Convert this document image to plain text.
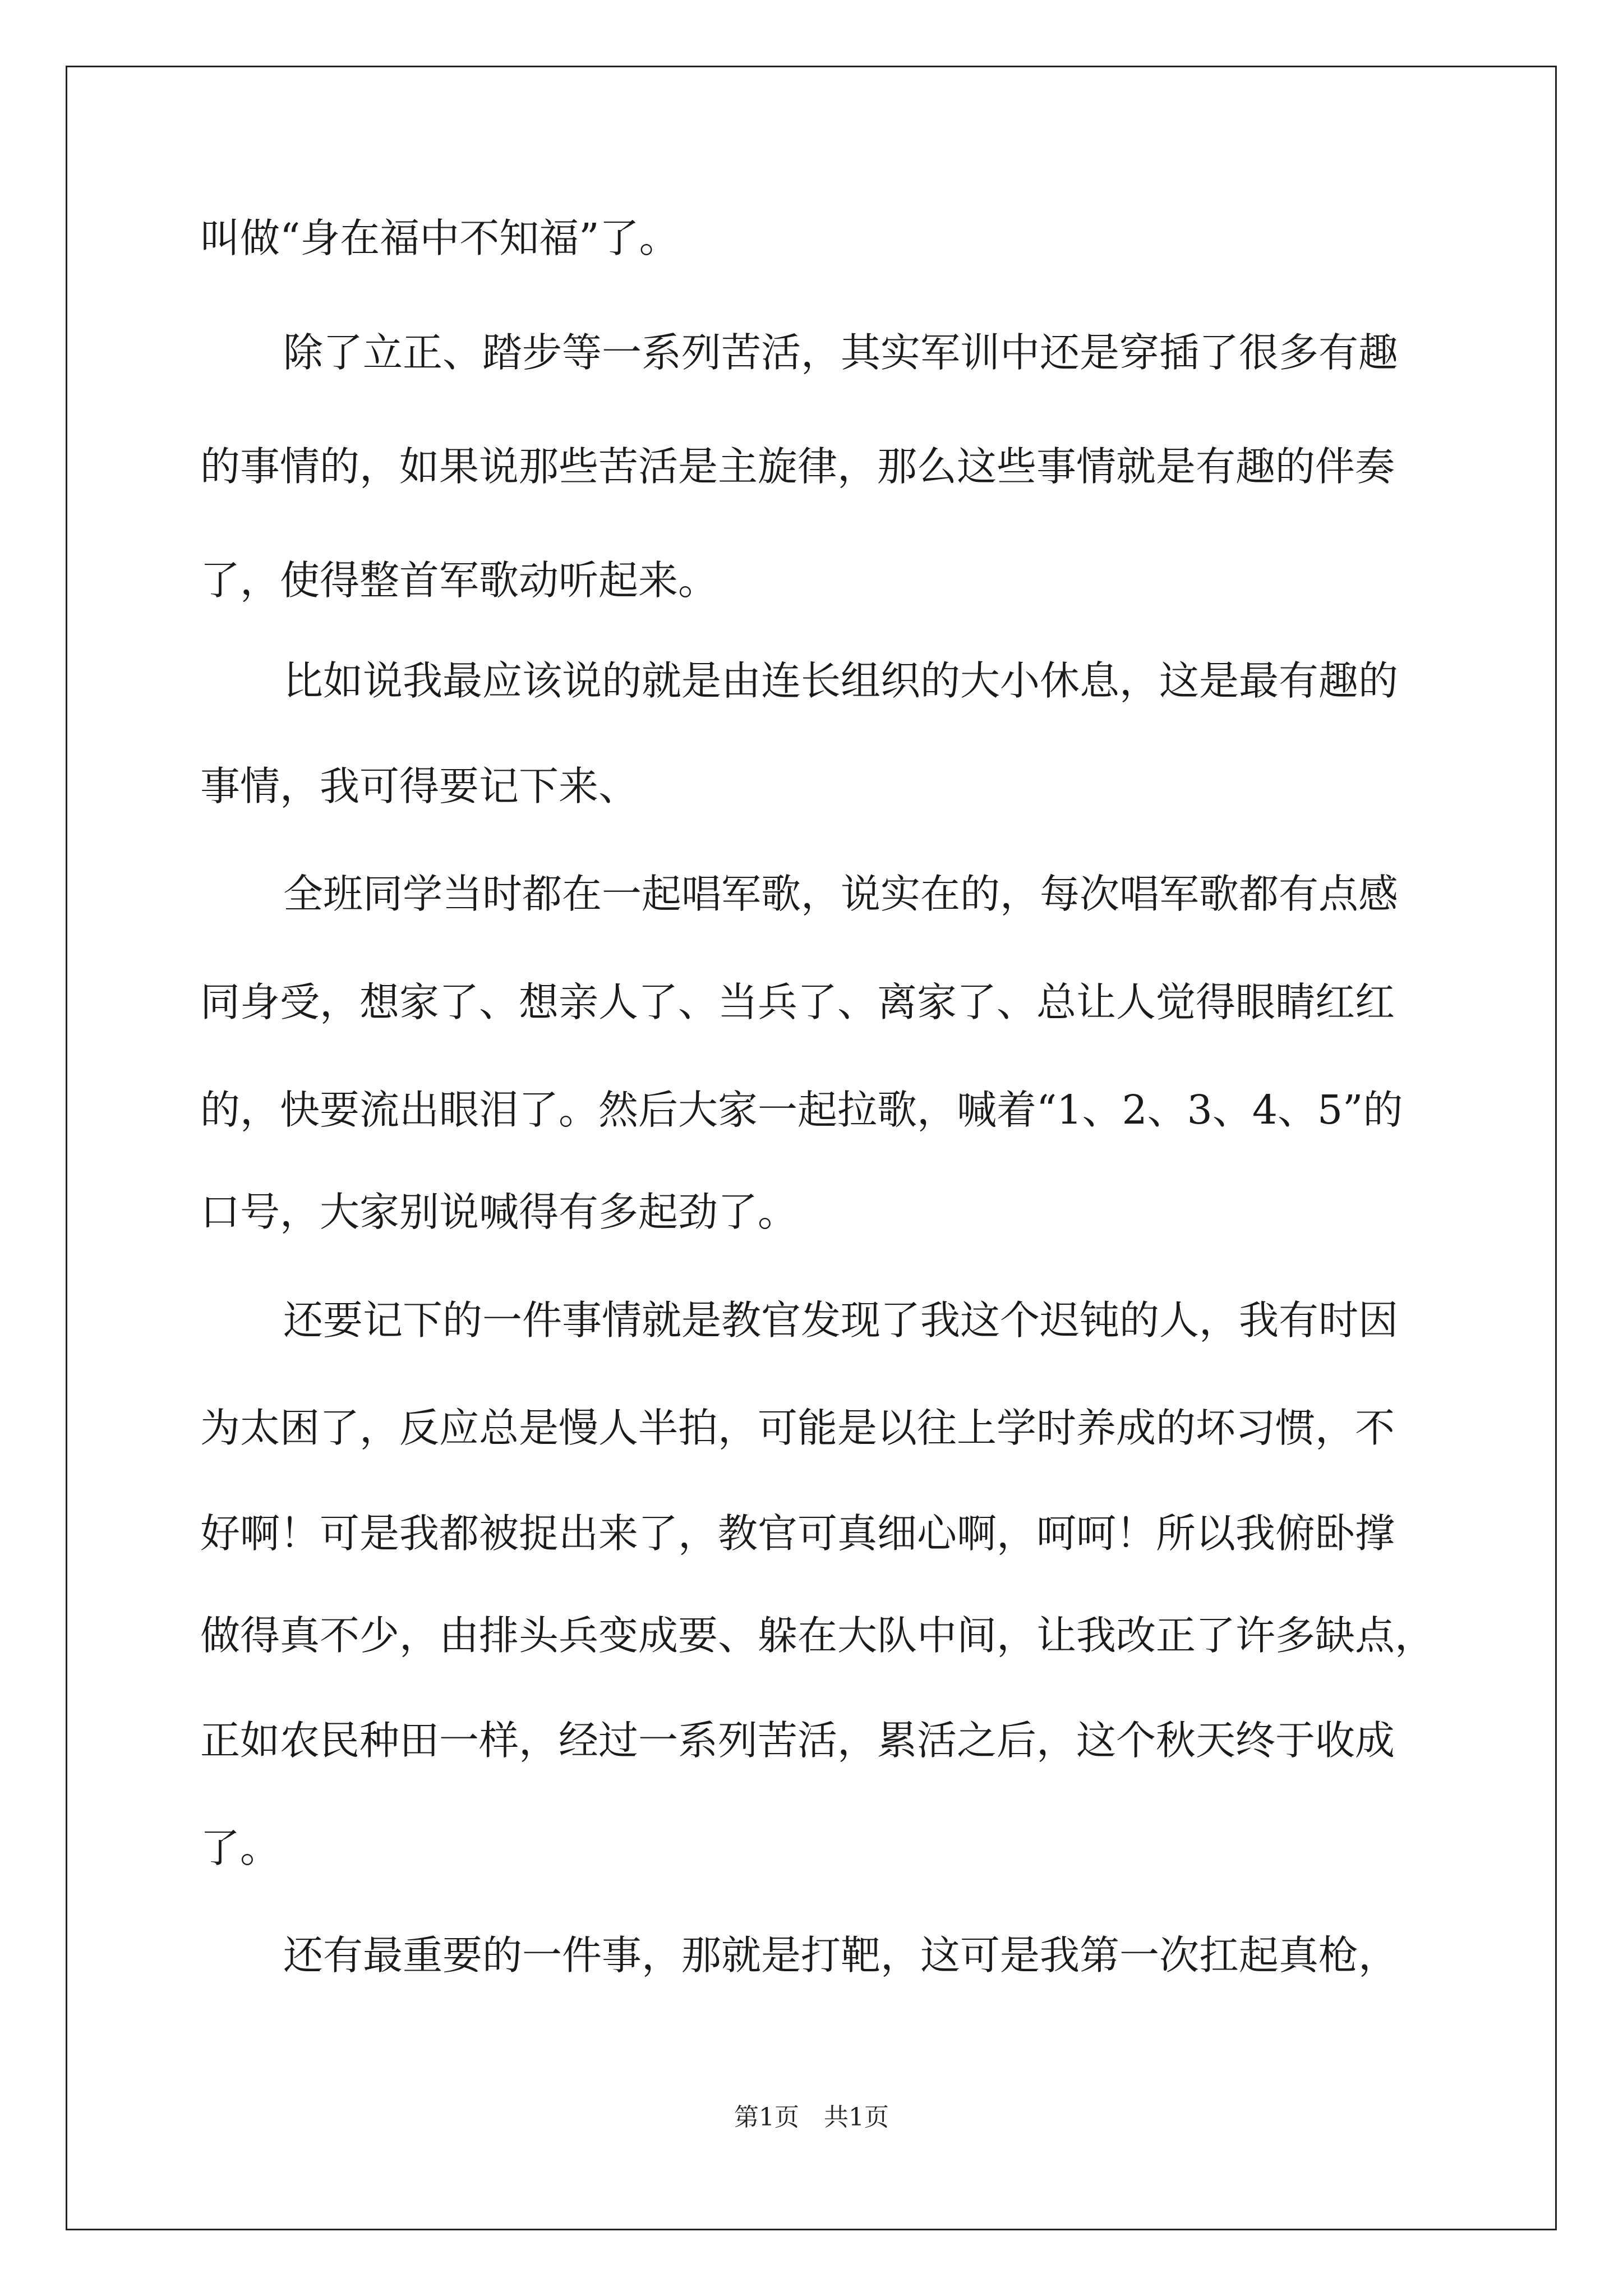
叫做“身在福中不知福”了。

除了立正、踏步等一系列苦活，其实军训中还是穿插了很多有趣

的事情的，如果说那些苦活是主旋律，那么这些事情就是有趣的伴奏

了，使得整首军歌动听起来。

比如说我最应该说的就是由连长组织的大小休息，这是最有趣的

事情，我可得要记下来、

全班同学当时都在一起唱军歌，说实在的，每次唱军歌都有点感

同身受，想家了、想亲人了、当兵了、离家了、总让人觉得眼睛红红

的，快要流出眼泪了。然后大家一起拉歌，喊着“1、2、3、4、5”的

口号，大家别说喊得有多起劲了。

还要记下的一件事情就是教官发现了我这个迟钝的人，我有时因

为太困了，反应总是慢人半拍，可能是以往上学时养成的坏习惯，不

好啊！可是我都被捉出来了，教官可真细心啊，呵呵！所以我俯卧撑

做得真不少，由排头兵变成要、躲在大队中间，让我改正了许多缺点，

正如农民种田一样，经过一系列苦活，累活之后，这个秋天终于收成

了。

还有最重要的一件事，那就是打靶，这可是我第一次扛起真枪，

第1页　共1页
